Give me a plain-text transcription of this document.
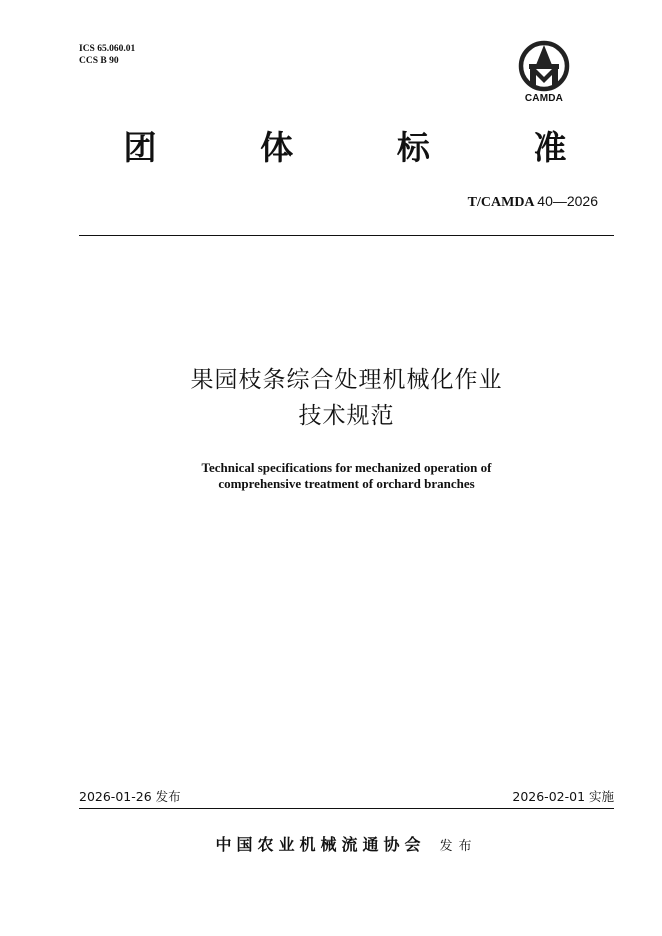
ICS 65.060.01
CCS B 90
CAMDA
团	体	标	准
T/CAMDA 40—2026
果园枝条综合处理机械化作业
技术规范
Technical specifications for mechanized operation of
comprehensive treatment of orchard branches
2026-01-26 发布	2026-02-01 实施
中国农业机械流通协会 发布
